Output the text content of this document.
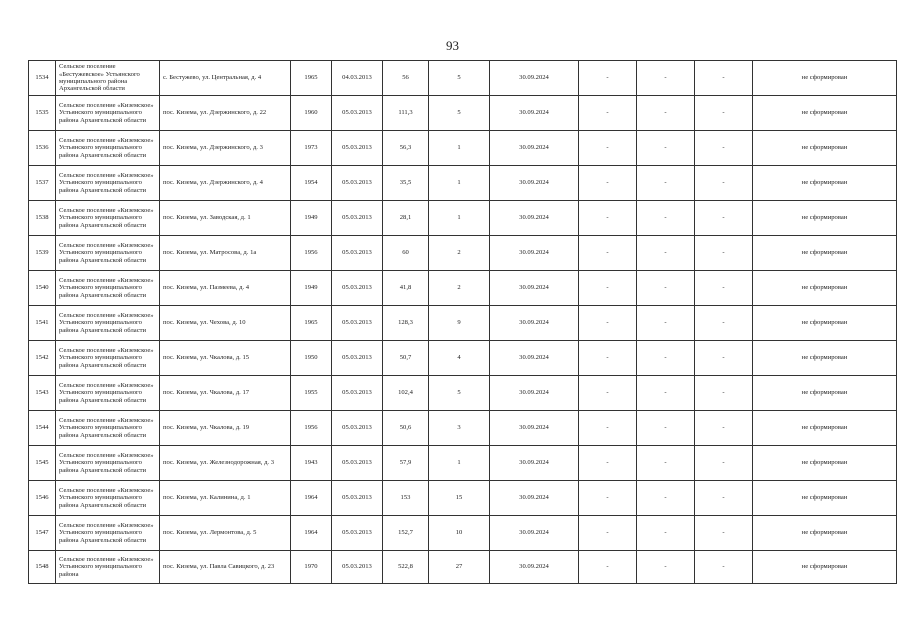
93
1534	Сельское поселение «Бестужевское» Устьянского муниципального района Архангельской области	с. Бестужево, ул. Центральная, д. 4	1965	04.03.2013	56	5	30.09.2024	-	-	-	не сформирован
1535	Сельское поселение «Киземское» Устьянского муниципального района Архангельской области	пос. Кизема, ул. Дзержинского, д. 22	1960	05.03.2013	111,3	5	30.09.2024	-	-	-	не сформирован
1536	Сельское поселение «Киземское» Устьянского муниципального района Архангельской области	пос. Кизема, ул. Дзержинского, д. 3	1973	05.03.2013	56,3	1	30.09.2024	-	-	-	не сформирован
1537	Сельское поселение «Киземское» Устьянского муниципального района Архангельской области	пос. Кизема, ул. Дзержинского, д. 4	1954	05.03.2013	35,5	1	30.09.2024	-	-	-	не сформирован
1538	Сельское поселение «Киземское» Устьянского муниципального района Архангельской области	пос. Кизема, ул. Заводская, д. 1	1949	05.03.2013	28,1	1	30.09.2024	-	-	-	не сформирован
1539	Сельское поселение «Киземское» Устьянского муниципального района Архангельской области	пос. Кизема, ул. Матросова, д. 1а	1956	05.03.2013	60	2	30.09.2024	-	-	-	не сформирован
1540	Сельское поселение «Киземское» Устьянского муниципального района Архангельской области	пос. Кизема, ул. Пазмеева, д. 4	1949	05.03.2013	41,8	2	30.09.2024	-	-	-	не сформирован
1541	Сельское поселение «Киземское» Устьянского муниципального района Архангельской области	пос. Кизема, ул. Чехова, д. 10	1965	05.03.2013	128,3	9	30.09.2024	-	-	-	не сформирован
1542	Сельское поселение «Киземское» Устьянского муниципального района Архангельской области	пос. Кизема, ул. Чкалова, д. 15	1950	05.03.2013	50,7	4	30.09.2024	-	-	-	не сформирован
1543	Сельское поселение «Киземское» Устьянского муниципального района Архангельской области	пос. Кизема, ул. Чкалова, д. 17	1955	05.03.2013	102,4	5	30.09.2024	-	-	-	не сформирован
1544	Сельское поселение «Киземское» Устьянского муниципального района Архангельской области	пос. Кизема, ул. Чкалова, д. 19	1956	05.03.2013	50,6	3	30.09.2024	-	-	-	не сформирован
1545	Сельское поселение «Киземское» Устьянского муниципального района Архангельской области	пос. Кизема, ул. Железнодорожная, д. 3	1943	05.03.2013	57,9	1	30.09.2024	-	-	-	не сформирован
1546	Сельское поселение «Киземское» Устьянского муниципального района Архангельской области	пос. Кизема, ул. Калинина, д. 1	1964	05.03.2013	153	15	30.09.2024	-	-	-	не сформирован
1547	Сельское поселение «Киземское» Устьянского муниципального района Архангельской области	пос. Кизема, ул. Лермонтова, д. 5	1964	05.03.2013	152,7	10	30.09.2024	-	-	-	не сформирован
1548	Сельское поселение «Киземское» Устьянского муниципального района	пос. Кизема, ул. Павла Савицкого, д. 23	1970	05.03.2013	522,8	27	30.09.2024	-	-	-	не сформирован
